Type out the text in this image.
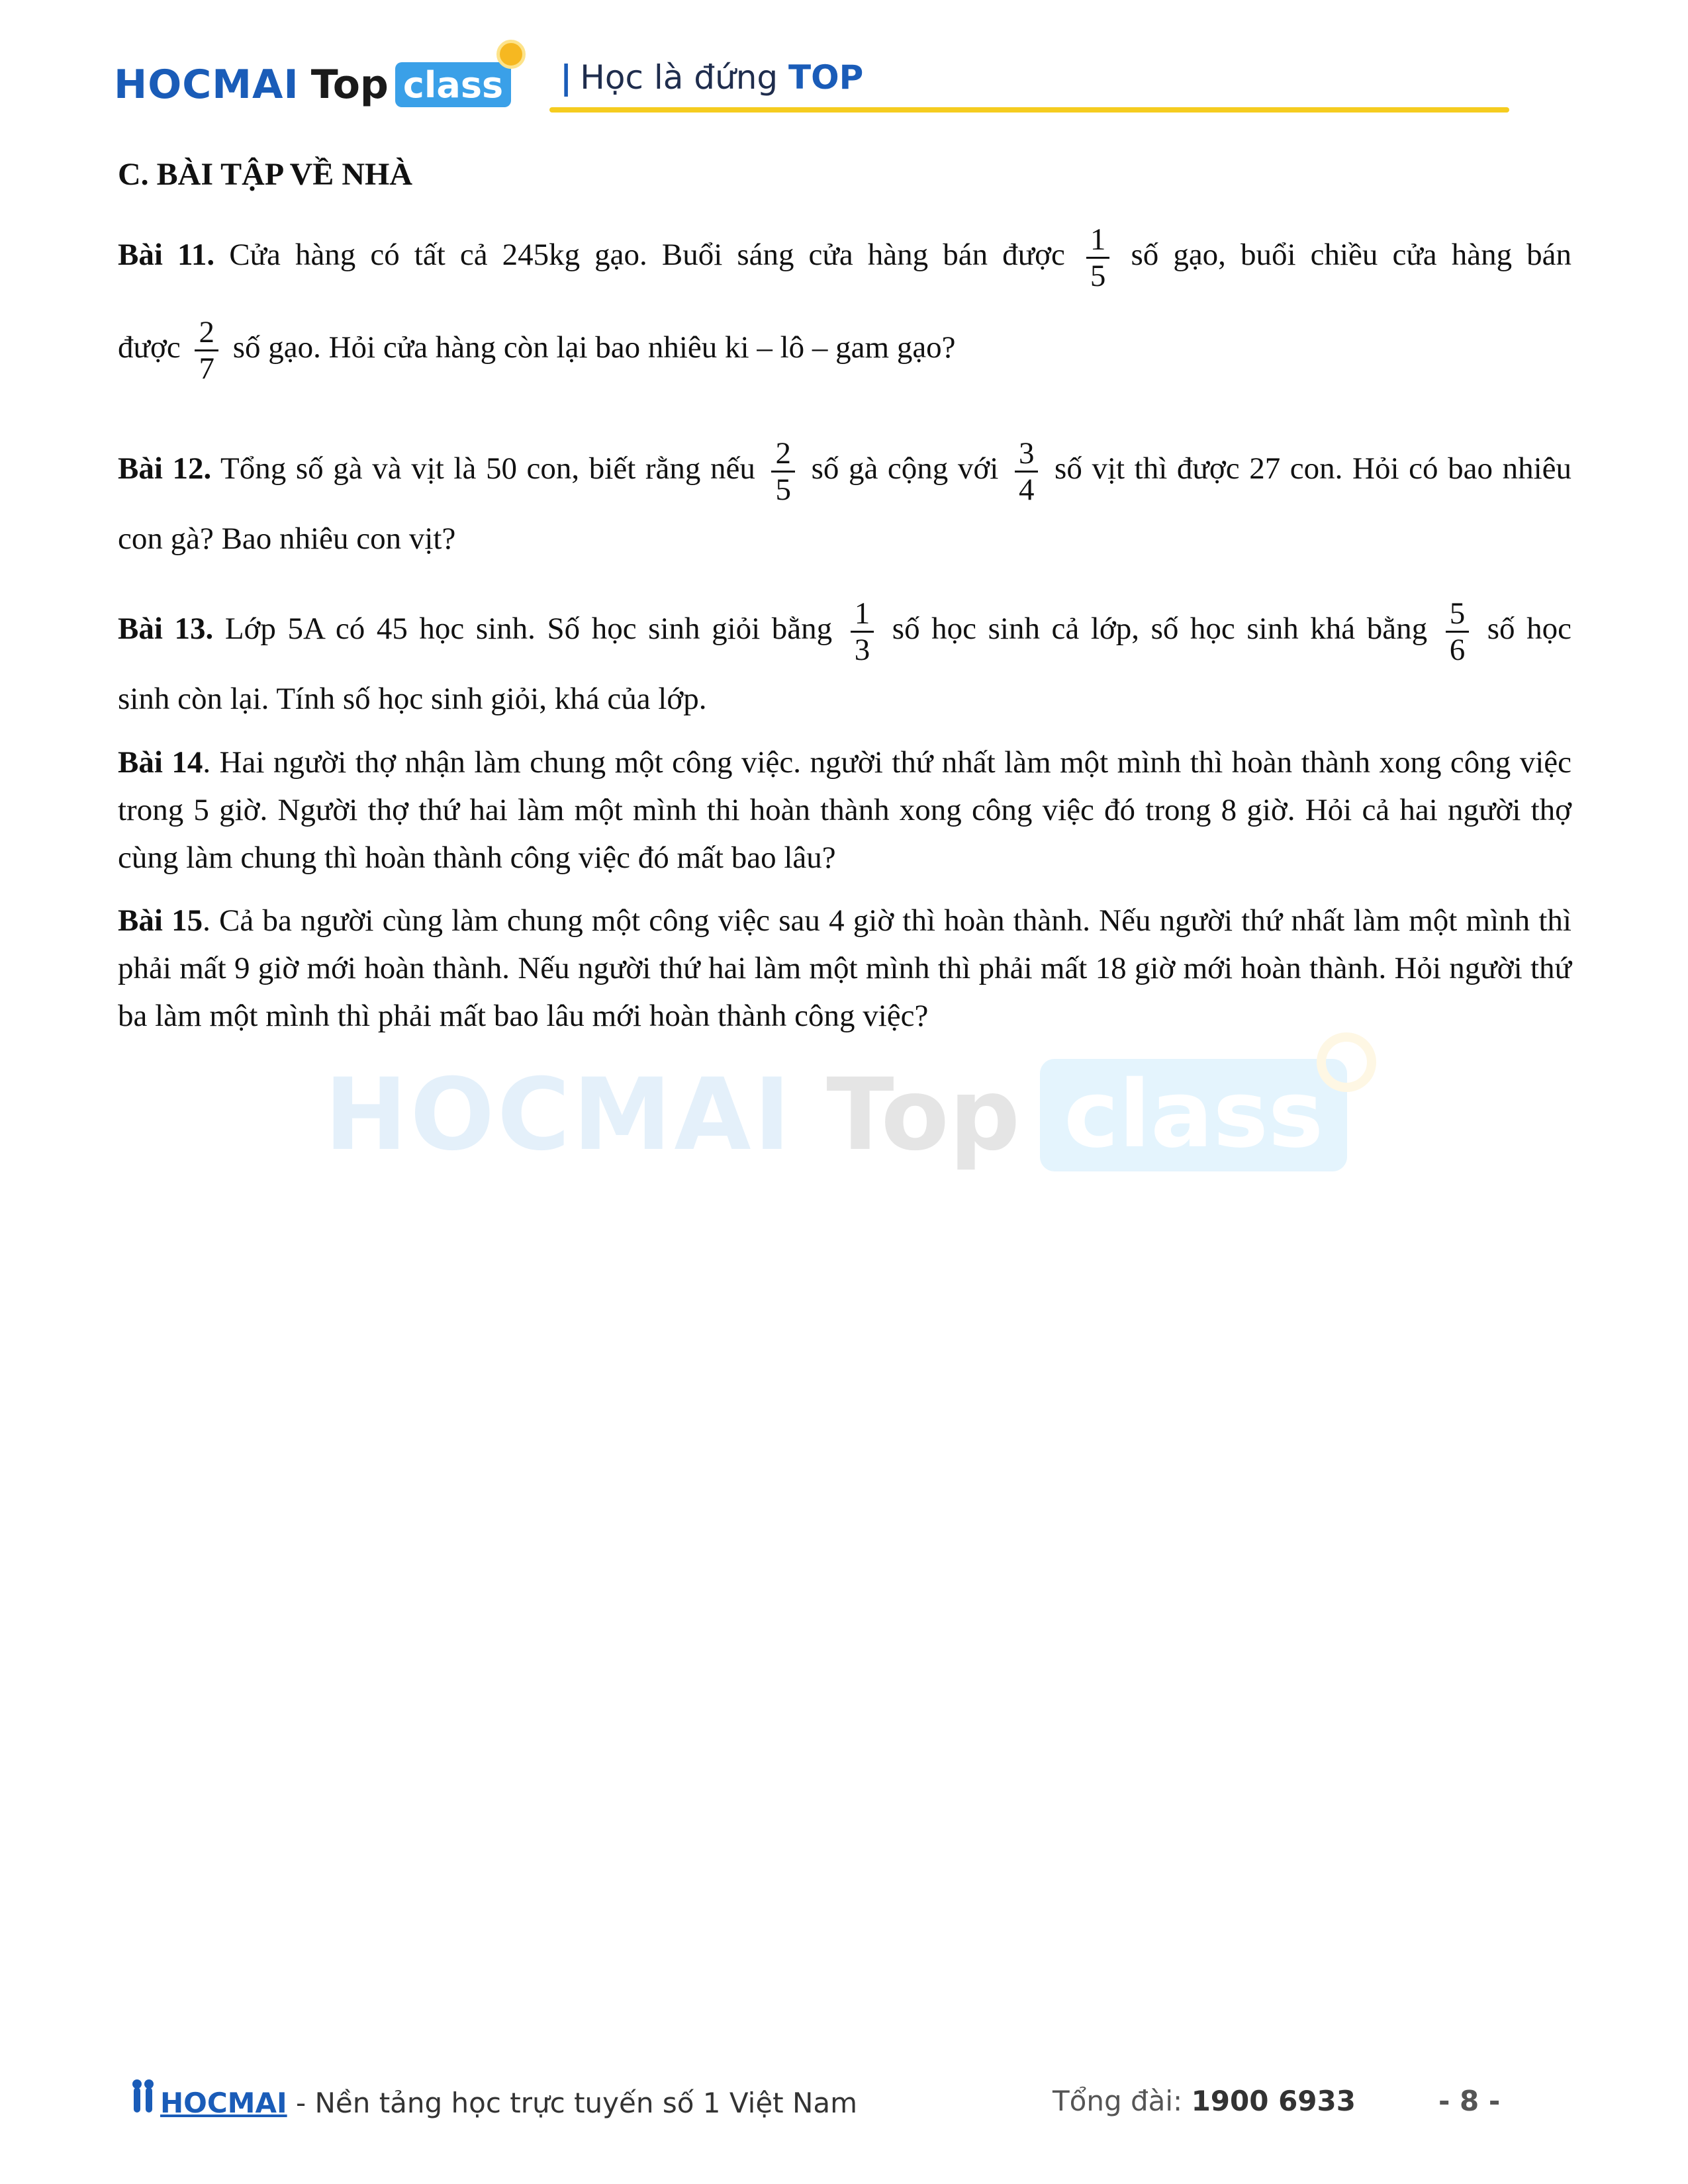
HOCMAI Top class | Học là đứng TOP
HOCMAI Top class
C. BÀI TẬP VỀ NHÀ
Bài 11. Cửa hàng có tất cả 245kg gạo. Buổi sáng cửa hàng bán được $\frac{1}{5}$ số gạo, buổi chiều cửa hàng bán
được $\frac{2}{7}$ số gạo. Hỏi cửa hàng còn lại bao nhiêu ki – lô – gam gạo?
Bài 12. Tổng số gà và vịt là 50 con, biết rằng nếu $\frac{2}{5}$ số gà cộng với $\frac{3}{4}$ số vịt thì được 27 con. Hỏi có bao nhiêu
con gà? Bao nhiêu con vịt?
Bài 13. Lớp 5A có 45 học sinh. Số học sinh giỏi bằng $\frac{1}{3}$ số học sinh cả lớp, số học sinh khá bằng $\frac{5}{6}$ số học
sinh còn lại. Tính số học sinh giỏi, khá của lớp.

Bài 14. Hai người thợ nhận làm chung một công việc. người thứ nhất làm một mình thì hoàn thành xong công việc trong 5 giờ. Người thợ thứ hai làm một mình thi hoàn thành xong công việc đó trong 8 giờ. Hỏi cả hai người thợ cùng làm chung thì hoàn thành công việc đó mất bao lâu?

Bài 15. Cả ba người cùng làm chung một công việc sau 4 giờ thì hoàn thành. Nếu người thứ nhất làm một mình thì phải mất 9 giờ mới hoàn thành. Nếu người thứ hai làm một mình thì phải mất 18 giờ mới hoàn thành. Hỏi người thứ ba làm một mình thì phải mất bao lâu mới hoàn thành công việc?

HOCMAI - Nền tảng học trực tuyến số 1 Việt Nam	Tổng đài: 1900 6933	- 8 -
